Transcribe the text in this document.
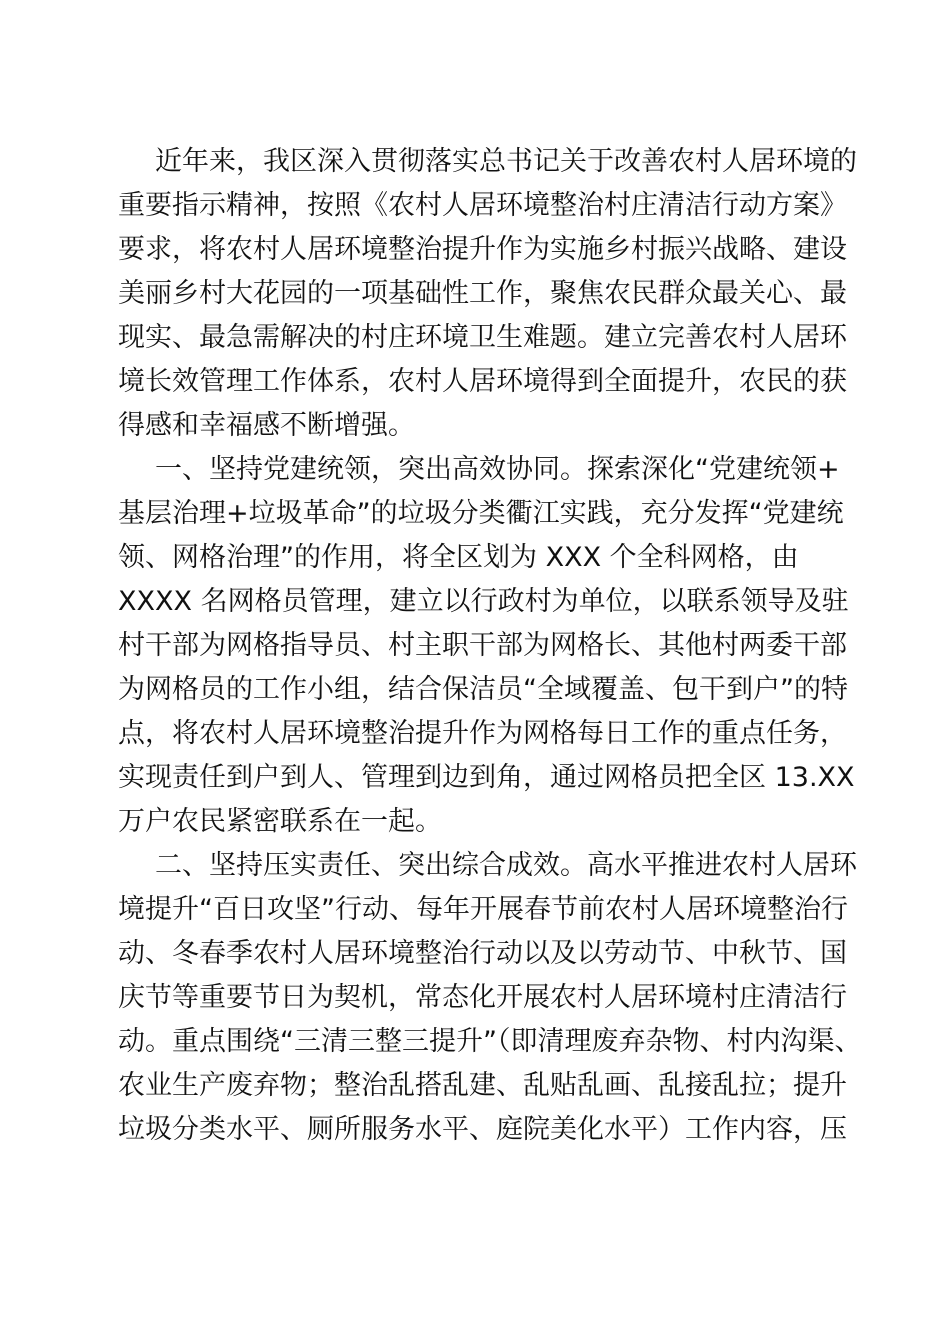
近年来，我区深入贯彻落实总书记关于改善农村人居环境的
重要指示精神，按照《农村人居环境整治村庄清洁行动方案》
要求，将农村人居环境整治提升作为实施乡村振兴战略、建设
美丽乡村大花园的一项基础性工作，聚焦农民群众最关心、最
现实、最急需解决的村庄环境卫生难题。建立完善农村人居环
境长效管理工作体系，农村人居环境得到全面提升，农民的获
得感和幸福感不断增强。
一、坚持党建统领，突出高效协同。探索深化“党建统领+
基层治理+垃圾革命”的垃圾分类衢江实践，充分发挥“党建统
领、网格治理”的作用，将全区划为 XXX 个全科网格，由
XXXX 名网格员管理，建立以行政村为单位，以联系领导及驻
村干部为网格指导员、村主职干部为网格长、其他村两委干部
为网格员的工作小组，结合保洁员“全域覆盖、包干到户”的特
点，将农村人居环境整治提升作为网格每日工作的重点任务，
实现责任到户到人、管理到边到角，通过网格员把全区 13.XX
万户农民紧密联系在一起。
二、坚持压实责任、突出综合成效。高水平推进农村人居环
境提升“百日攻坚”行动、每年开展春节前农村人居环境整治行
动、冬春季农村人居环境整治行动以及以劳动节、中秋节、国
庆节等重要节日为契机，常态化开展农村人居环境村庄清洁行
动。重点围绕“三清三整三提升”（即清理废弃杂物、村内沟渠、
农业生产废弃物；整治乱搭乱建、乱贴乱画、乱接乱拉；提升
垃圾分类水平、厕所服务水平、庭院美化水平）工作内容，压
